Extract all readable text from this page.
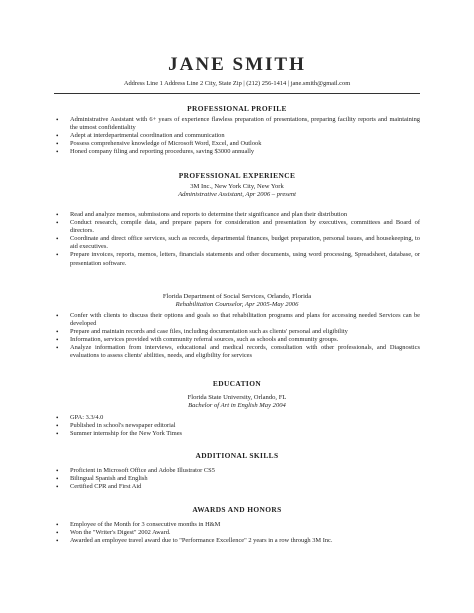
JANE SMITH
Address Line 1 Address Line 2 City, State Zip | (212) 256-1414 | jane.smith@gmail.com
PROFESSIONAL PROFILE
• Administrative Assistant with 6+ years of experience flawless preparation of presentations, preparing facility reports and maintaining the utmost confidentiality
• Adept at interdepartmental coordination and communication
• Possess comprehensive knowledge of Microsoft Word, Excel, and Outlook
• Honed company filing and reporting procedures, saving $3000 annually
PROFESSIONAL EXPERIENCE
3M Inc., New York City, New York
Administrative Assistant, Apr 2006 – present
• Read and analyze memos, submissions and reports to determine their significance and plan their distribution
• Conduct research, compile data, and prepare papers for consideration and presentation by executives, committees and Board of directors.
• Coordinate and direct office services, such as records, departmental finances, budget preparation, personal issues, and housekeeping, to aid executives.
• Prepare invoices, reports, memos, letters, financials statements and other documents, using word processing, Spreadsheet, database, or presentation software.
Florida Department of Social Services, Orlando, Florida
Rehabilitation Counselor, Apr 2005-May 2006
• Confer with clients to discuss their options and goals so that rehabilitation programs and plans for accessing needed Services can be developed
• Prepare and maintain records and case files, including documentation such as clients' personal and eligibility
• Information, services provided with community referral sources, such as schools and community groups.
• Analyze information from interviews, educational and medical records, consultation with other professionals, and Diagnostics evaluations to assess clients' abilities, needs, and eligibility for services
EDUCATION
Florida State University, Orlando, FL
Bachelor of Art in English May 2004
• GPA: 3.3/4.0
• Published in school's newspaper editorial
• Summer internship for the New York Times
ADDITIONAL SKILLS
• Proficient in Microsoft Office and Adobe Illustrator CS5
• Bilingual Spanish and English
• Certified CPR and First Aid
AWARDS AND HONORS
• Employee of the Month for 3 consecutive months in H&M
• Won the "Writer's Digest" 2002 Award.
• Awarded an employee travel award due to "Performance Excellence" 2 years in a row through 3M Inc.
